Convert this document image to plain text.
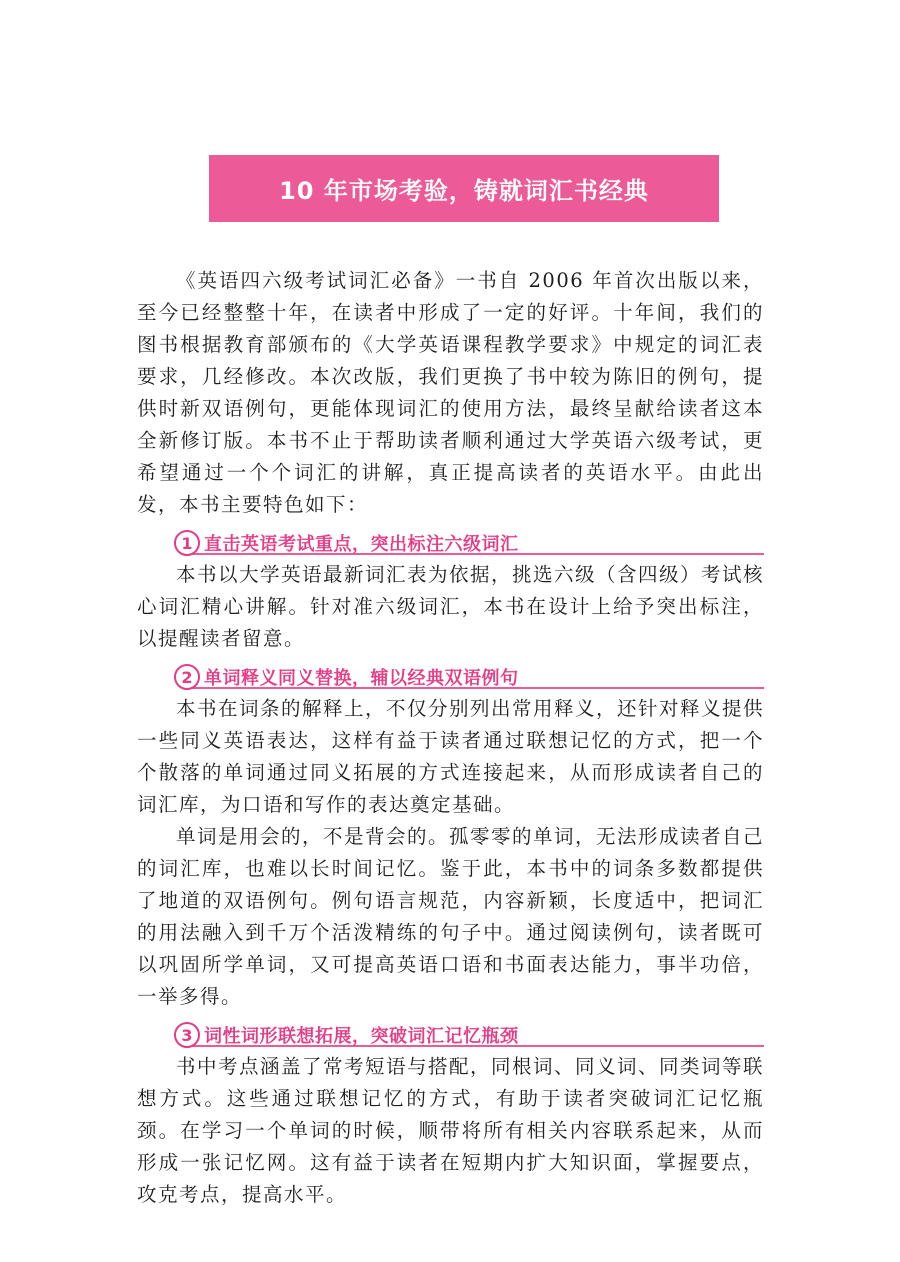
10 年市场考验，铸就词汇书经典

《英语四六级考试词汇必备》一书自 2006 年首次出版以来，至今已经整整十年，在读者中形成了一定的好评。十年间，我们的图书根据教育部颁布的《大学英语课程教学要求》中规定的词汇表要求，几经修改。本次改版，我们更换了书中较为陈旧的例句，提供时新双语例句，更能体现词汇的使用方法，最终呈献给读者这本全新修订版。本书不止于帮助读者顺利通过大学英语六级考试，更希望通过一个个词汇的讲解，真正提高读者的英语水平。由此出发，本书主要特色如下：

1 直击英语考试重点，突出标注六级词汇

本书以大学英语最新词汇表为依据，挑选六级（含四级）考试核心词汇精心讲解。针对准六级词汇，本书在设计上给予突出标注，以提醒读者留意。

2 单词释义同义替换，辅以经典双语例句

本书在词条的解释上，不仅分别列出常用释义，还针对释义提供一些同义英语表达，这样有益于读者通过联想记忆的方式，把一个个散落的单词通过同义拓展的方式连接起来，从而形成读者自己的词汇库，为口语和写作的表达奠定基础。

单词是用会的，不是背会的。孤零零的单词，无法形成读者自己的词汇库，也难以长时间记忆。鉴于此，本书中的词条多数都提供了地道的双语例句。例句语言规范，内容新颖，长度适中，把词汇的用法融入到千万个活泼精练的句子中。通过阅读例句，读者既可以巩固所学单词，又可提高英语口语和书面表达能力，事半功倍，一举多得。

3 词性词形联想拓展，突破词汇记忆瓶颈

书中考点涵盖了常考短语与搭配，同根词、同义词、同类词等联想方式。这些通过联想记忆的方式，有助于读者突破词汇记忆瓶颈。在学习一个单词的时候，顺带将所有相关内容联系起来，从而形成一张记忆网。这有益于读者在短期内扩大知识面，掌握要点，攻克考点，提高水平。
